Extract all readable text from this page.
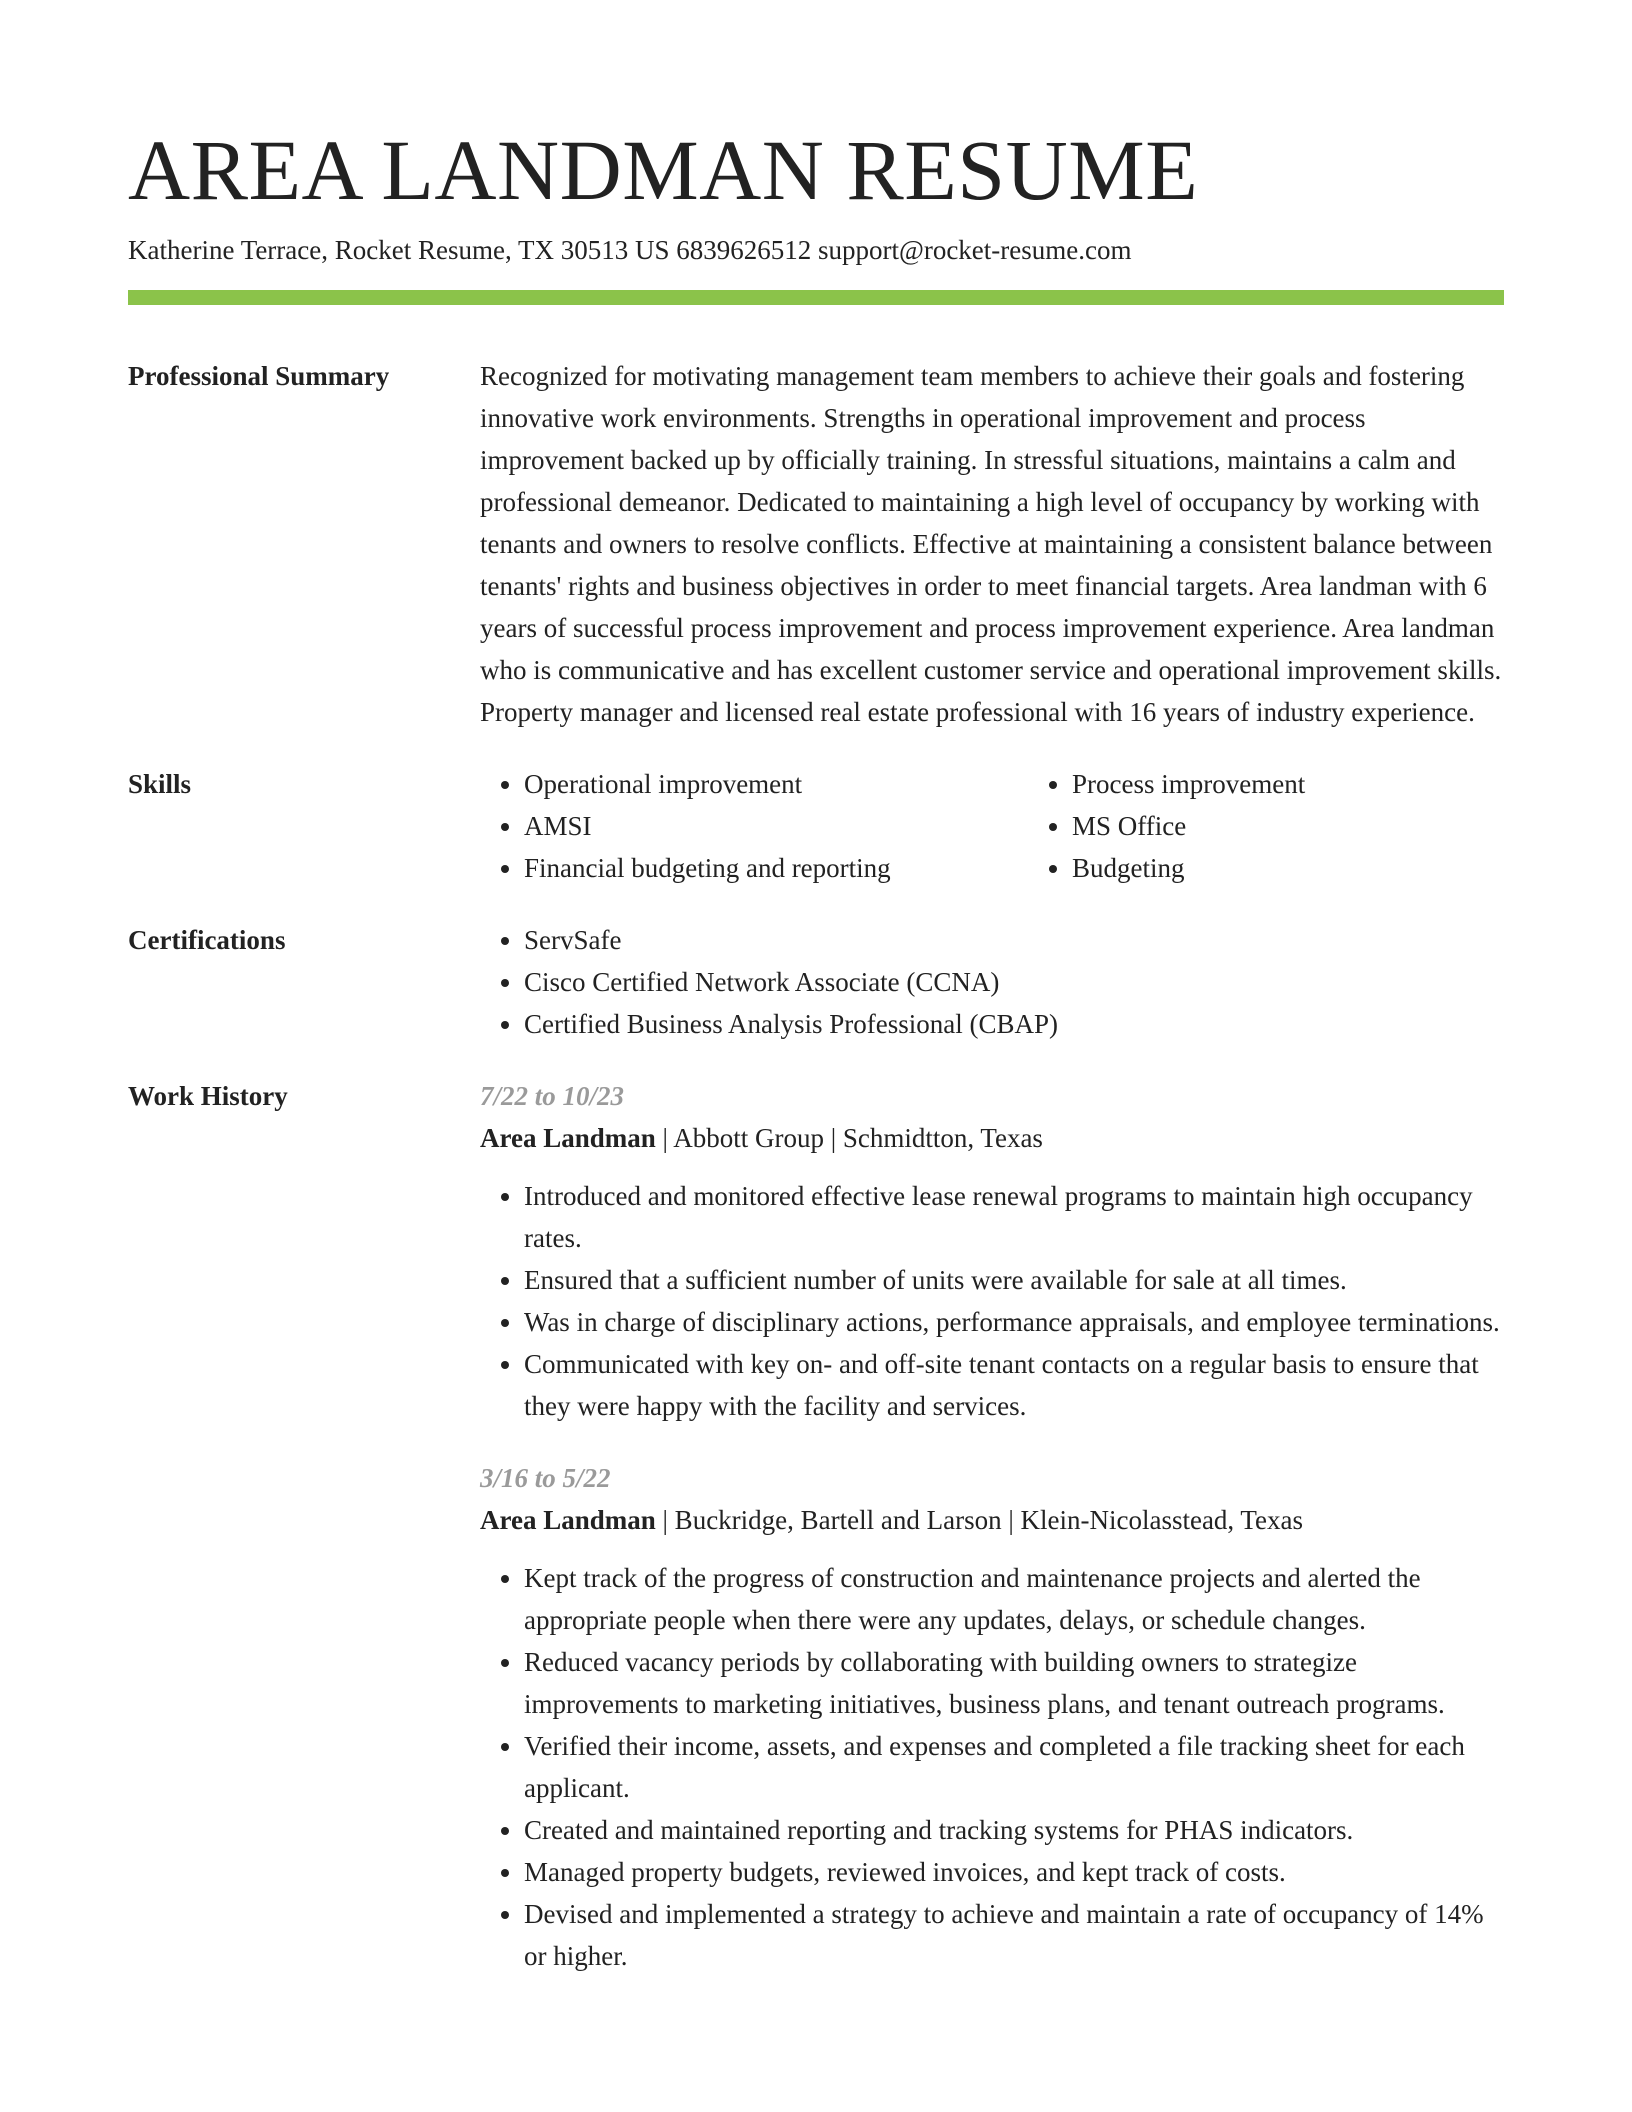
AREA LANDMAN RESUME
Katherine Terrace, Rocket Resume, TX 30513 US 6839626512 support@rocket-resume.com
Professional Summary	Recognized for motivating management team members to achieve their goals and fostering innovative work environments. Strengths in operational improvement and process improvement backed up by officially training. In stressful situations, maintains a calm and professional demeanor. Dedicated to maintaining a high level of occupancy by working with tenants and owners to resolve conflicts. Effective at maintaining a consistent balance between tenants' rights and business objectives in order to meet financial targets. Area landman with 6 years of successful process improvement and process improvement experience. Area landman who is communicative and has excellent customer service and operational improvement skills. Property manager and licensed real estate professional with 16 years of industry experience.

Skills	• Operational improvement
• AMSI
• Financial budgeting and reporting
• Process improvement
• MS Office
• Budgeting
Certifications	• ServSafe
• Cisco Certified Network Associate (CCNA)
• Certified Business Analysis Professional (CBAP)
Work History	7/22 to 10/23
Area Landman | Abbott Group | Schmidtton, Texas
• Introduced and monitored effective lease renewal programs to maintain high occupancy rates.
• Ensured that a sufficient number of units were available for sale at all times.
• Was in charge of disciplinary actions, performance appraisals, and employee terminations.
• Communicated with key on- and off-site tenant contacts on a regular basis to ensure that they were happy with the facility and services.
3/16 to 5/22
Area Landman | Buckridge, Bartell and Larson | Klein-Nicolasstead, Texas
• Kept track of the progress of construction and maintenance projects and alerted the appropriate people when there were any updates, delays, or schedule changes.
• Reduced vacancy periods by collaborating with building owners to strategize improvements to marketing initiatives, business plans, and tenant outreach programs.
• Verified their income, assets, and expenses and completed a file tracking sheet for each applicant.
• Created and maintained reporting and tracking systems for PHAS indicators.
• Managed property budgets, reviewed invoices, and kept track of costs.
• Devised and implemented a strategy to achieve and maintain a rate of occupancy of 14% or higher.
